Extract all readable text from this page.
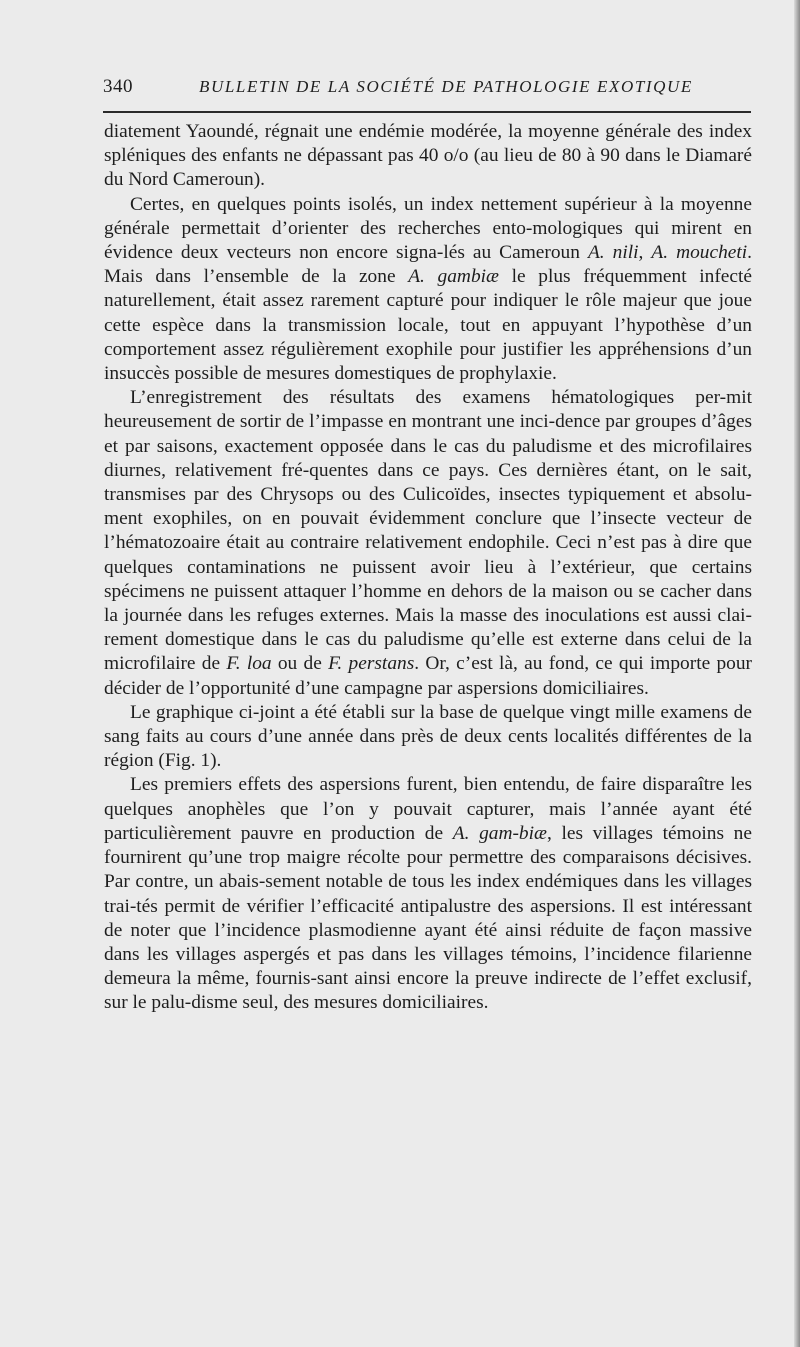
340	BULLETIN DE LA SOCIÉTÉ DE PATHOLOGIE EXOTIQUE

diatement Yaoundé, régnait une endémie modérée, la moyenne générale des index spléniques des enfants ne dépassant pas 40 o/o (au lieu de 80 à 90 dans le Diamaré du Nord Cameroun).

Certes, en quelques points isolés, un index nettement supérieur à la moyenne générale permettait d’orienter des recherches ento-mologiques qui mirent en évidence deux vecteurs non encore signa-lés au Cameroun A. nili, A. moucheti. Mais dans l’ensemble de la zone A. gambiæ le plus fréquemment infecté naturellement, était assez rarement capturé pour indiquer le rôle majeur que joue cette espèce dans la transmission locale, tout en appuyant l’hypothèse d’un comportement assez régulièrement exophile pour justifier les appréhensions d’un insuccès possible de mesures domestiques de prophylaxie.

L’enregistrement des résultats des examens hématologiques per-mit heureusement de sortir de l’impasse en montrant une inci-dence par groupes d’âges et par saisons, exactement opposée dans le cas du paludisme et des microfilaires diurnes, relativement fré-quentes dans ce pays. Ces dernières étant, on le sait, transmises par des Chrysops ou des Culicoïdes, insectes typiquement et absolu-ment exophiles, on en pouvait évidemment conclure que l’insecte vecteur de l’hématozoaire était au contraire relativement endophile. Ceci n’est pas à dire que quelques contaminations ne puissent avoir lieu à l’extérieur, que certains spécimens ne puissent attaquer l’homme en dehors de la maison ou se cacher dans la journée dans les refuges externes. Mais la masse des inoculations est aussi clai-rement domestique dans le cas du paludisme qu’elle est externe dans celui de la microfilaire de F. loa ou de F. perstans. Or, c’est là, au fond, ce qui importe pour décider de l’opportunité d’une campagne par aspersions domiciliaires.

Le graphique ci-joint a été établi sur la base de quelque vingt mille examens de sang faits au cours d’une année dans près de deux cents localités différentes de la région (Fig. 1).

Les premiers effets des aspersions furent, bien entendu, de faire disparaître les quelques anophèles que l’on y pouvait capturer, mais l’année ayant été particulièrement pauvre en production de A. gam-biæ, les villages témoins ne fournirent qu’une trop maigre récolte pour permettre des comparaisons décisives. Par contre, un abais-sement notable de tous les index endémiques dans les villages trai-tés permit de vérifier l’efficacité antipalustre des aspersions. Il est intéressant de noter que l’incidence plasmodienne ayant été ainsi réduite de façon massive dans les villages aspergés et pas dans les villages témoins, l’incidence filarienne demeura la même, fournis-sant ainsi encore la preuve indirecte de l’effet exclusif, sur le palu-disme seul, des mesures domiciliaires.
